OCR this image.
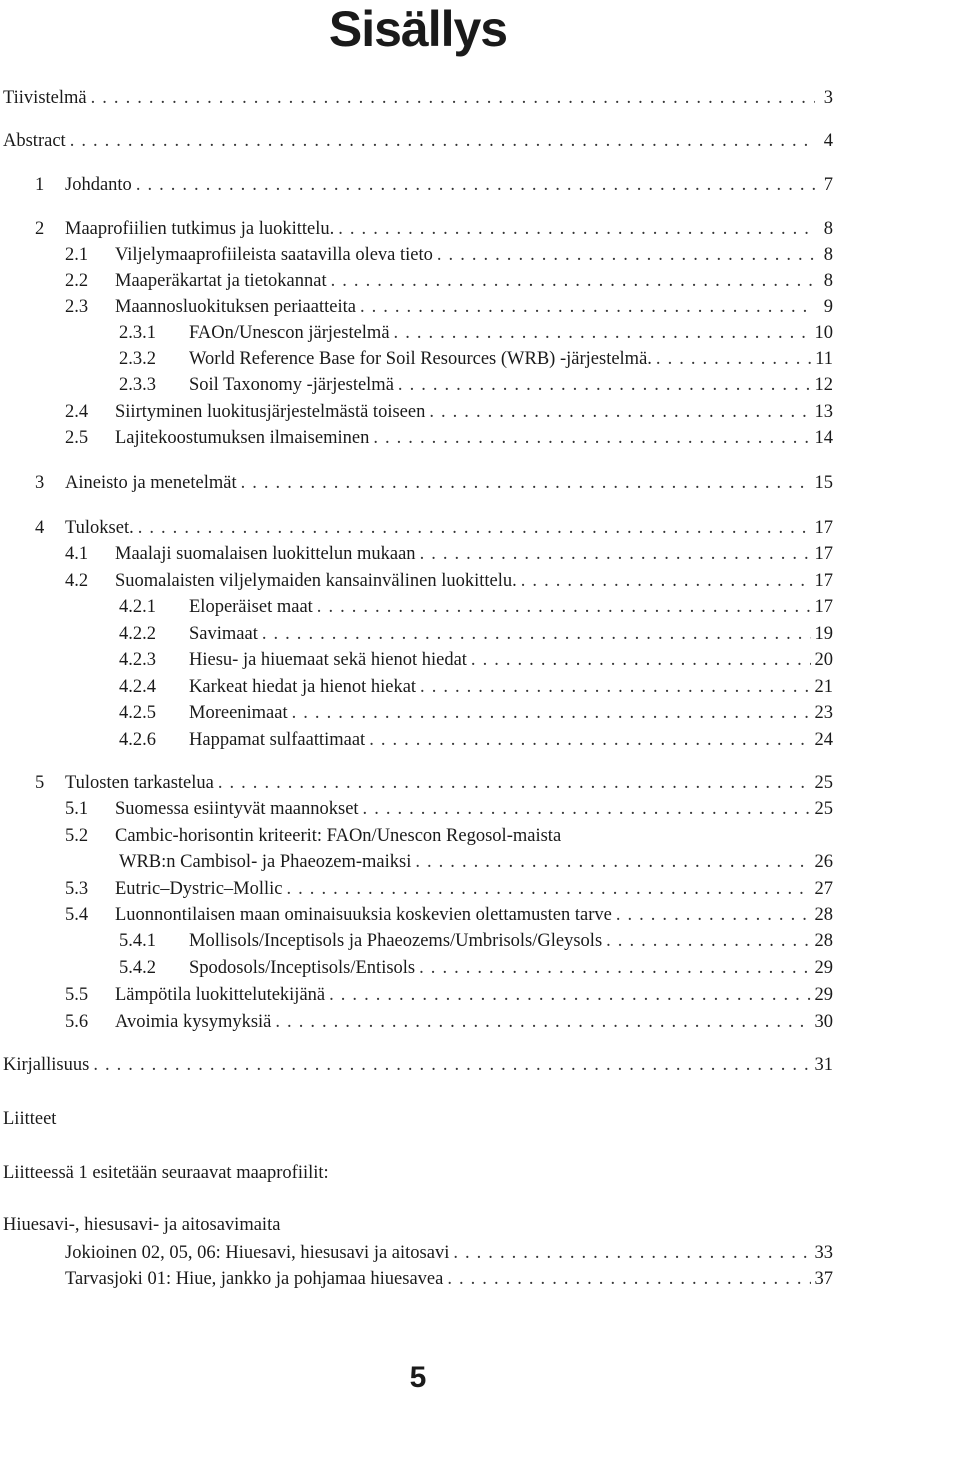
Sisällys
Tiivistelmä . . .	3
Abstract . . .	4
1	Johdanto . . .	7
2	Maaprofiilien tutkimus ja luokittelu. . . .	8
2.1	Viljelymaaprofiileista saatavilla oleva tieto . . .	8
2.2	Maaperäkartat ja tietokannat . . .	8
2.3	Maannosluokituksen periaatteita . . .	9
2.3.1	FAOn/Unescon järjestelmä . . .	10
2.3.2	World Reference Base for Soil Resources (WRB) -järjestelmä. . . .	11
2.3.3	Soil Taxonomy -järjestelmä . . .	12
2.4	Siirtyminen luokitusjärjestelmästä toiseen . . .	13
2.5	Lajitekoostumuksen ilmaiseminen . . .	14
3	Aineisto ja menetelmät . . .	15
4	Tulokset. . . .	17
4.1	Maalaji suomalaisen luokittelun mukaan . . .	17
4.2	Suomalaisten viljelymaiden kansainvälinen luokittelu. . . .	17
4.2.1	Eloperäiset maat . . .	17
4.2.2	Savimaat . . .	19
4.2.3	Hiesu- ja hiuemaat sekä hienot hiedat . . .	20
4.2.4	Karkeat hiedat ja hienot hiekat . . .	21
4.2.5	Moreenimaat . . .	23
4.2.6	Happamat sulfaattimaat . . .	24
5	Tulosten tarkastelua . . .	25
5.1	Suomessa esiintyvät maannokset . . .	25
5.2	Cambic-horisontin kriteerit: FAOn/Unescon Regosol-maista
WRB:n Cambisol- ja Phaeozem-maiksi . . .	26
5.3	Eutric–Dystric–Mollic . . .	27
5.4	Luonnontilaisen maan ominaisuuksia koskevien olettamusten tarve . . .	28
5.4.1	Mollisols/Inceptisols ja Phaeozems/Umbrisols/Gleysols . . .	28
5.4.2	Spodosols/Inceptisols/Entisols . . .	29
5.5	Lämpötila luokittelutekijänä . . .	29
5.6	Avoimia kysymyksiä . . .	30
Kirjallisuus . . .	31
Liitteet
Liitteessä 1 esitetään seuraavat maaprofiilit:
Hiuesavi-, hiesusavi- ja aitosavimaita
Jokioinen 02, 05, 06: Hiuesavi, hiesusavi ja aitosavi . . .	33
Tarvasjoki 01: Hiue, jankko ja pohjamaa hiuesavea . . .	37
5
